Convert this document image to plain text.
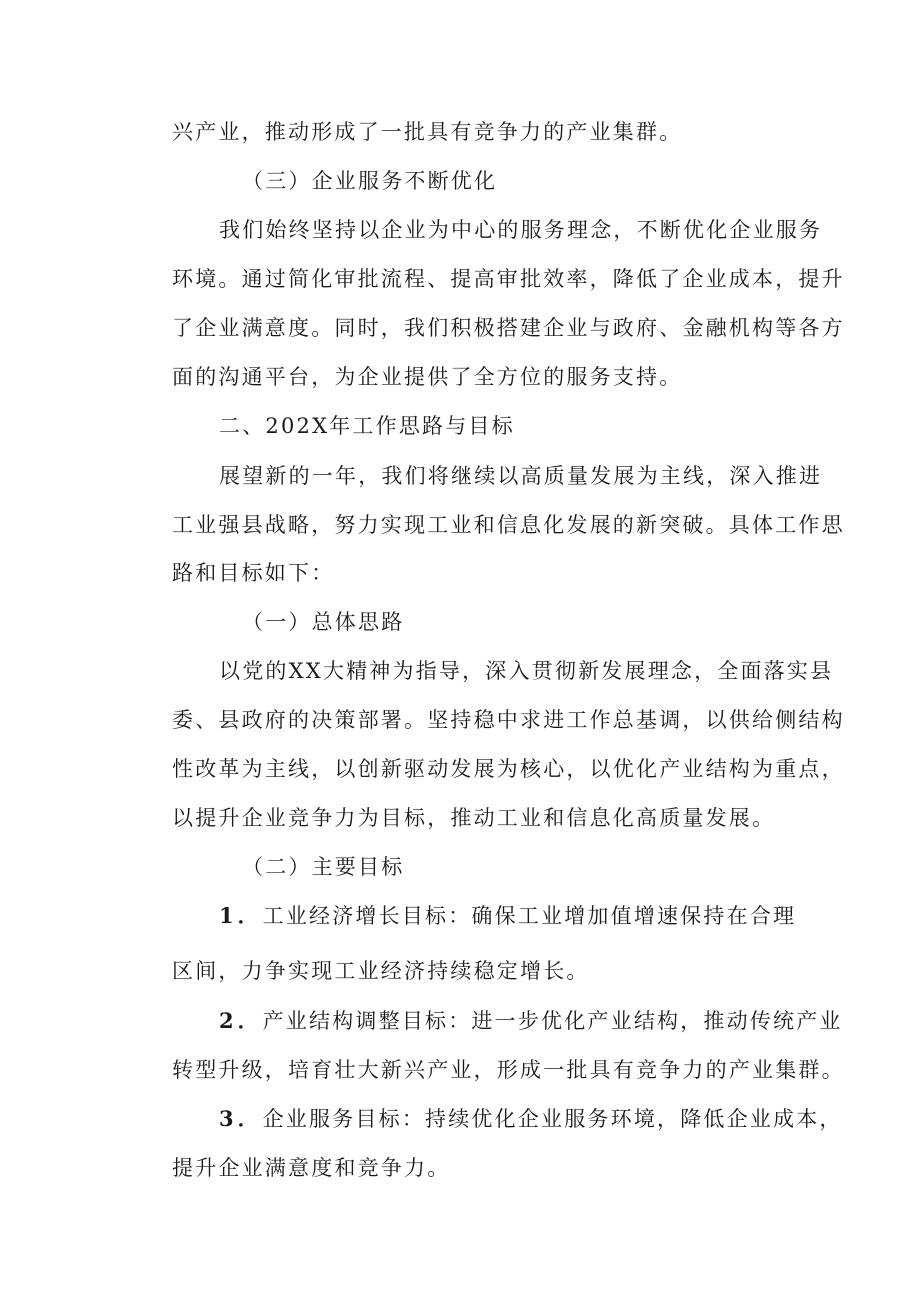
兴产业，推动形成了一批具有竞争力的产业集群。

（三）企业服务不断优化

我们始终坚持以企业为中心的服务理念，不断优化企业服务

环境。通过简化审批流程、提高审批效率，降低了企业成本，提升

了企业满意度。同时，我们积极搭建企业与政府、金融机构等各方

面的沟通平台，为企业提供了全方位的服务支持。

二、202X年工作思路与目标

展望新的一年，我们将继续以高质量发展为主线，深入推进

工业强县战略，努力实现工业和信息化发展的新突破。具体工作思

路和目标如下：

（一）总体思路

以党的XX大精神为指导，深入贯彻新发展理念，全面落实县

委、县政府的决策部署。坚持稳中求进工作总基调，以供给侧结构

性改革为主线，以创新驱动发展为核心，以优化产业结构为重点，

以提升企业竞争力为目标，推动工业和信息化高质量发展。

（二）主要目标

1．工业经济增长目标：确保工业增加值增速保持在合理

区间，力争实现工业经济持续稳定增长。

2．产业结构调整目标：进一步优化产业结构，推动传统产业

转型升级，培育壮大新兴产业，形成一批具有竞争力的产业集群。

3．企业服务目标：持续优化企业服务环境，降低企业成本，

提升企业满意度和竞争力。
